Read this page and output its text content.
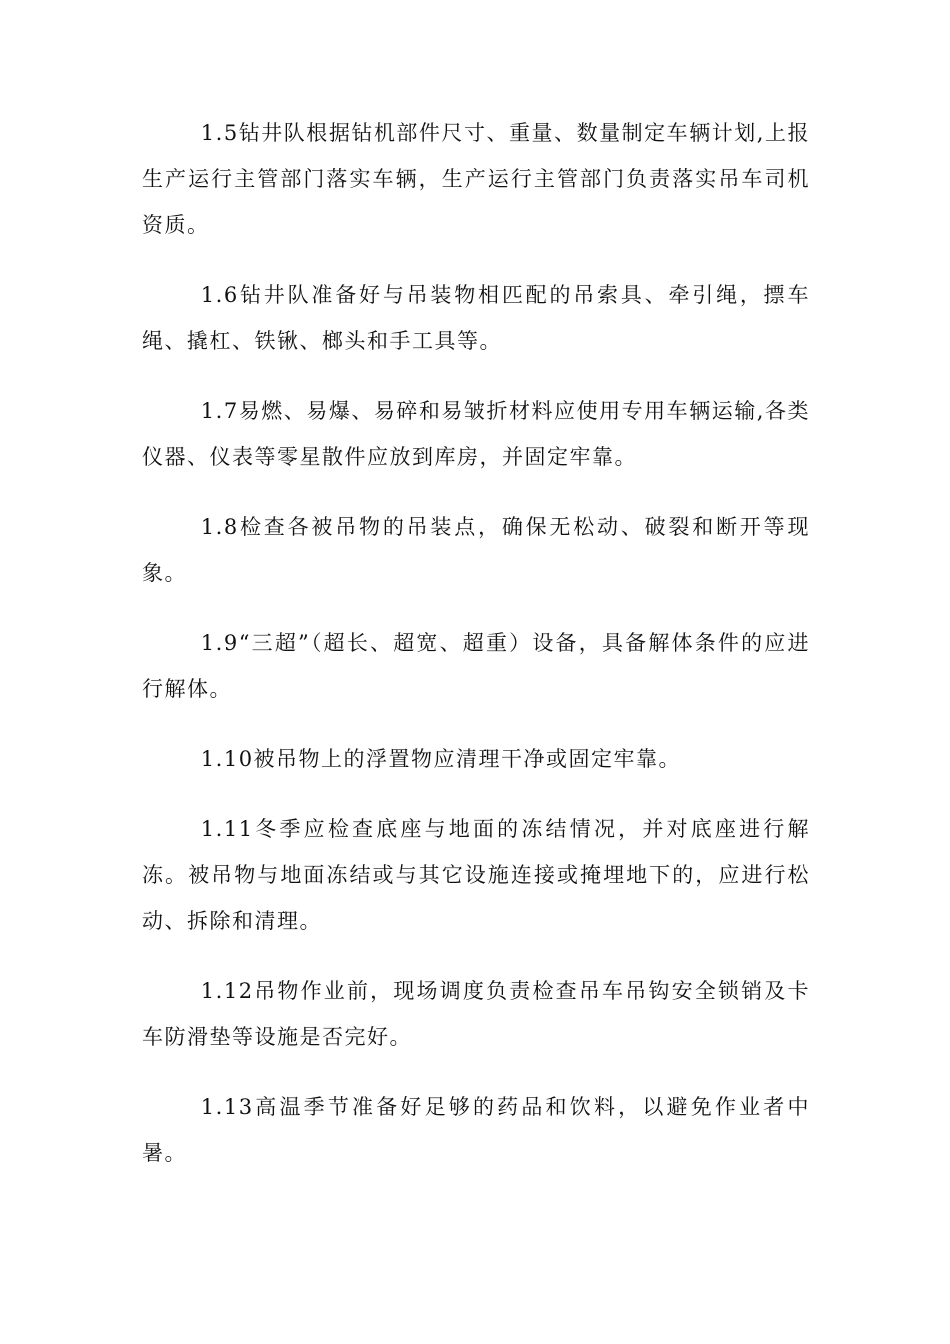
1.5钻井队根据钻机部件尺寸、重量、数量制定车辆计划,上报生产运行主管部门落实车辆，生产运行主管部门负责落实吊车司机资质。

1.6钻井队准备好与吊装物相匹配的吊索具、牵引绳，摽车绳、撬杠、铁锹、榔头和手工具等。

1.7易燃、易爆、易碎和易皱折材料应使用专用车辆运输,各类仪器、仪表等零星散件应放到库房，并固定牢靠。

1.8检查各被吊物的吊装点，确保无松动、破裂和断开等现象。

1.9“三超”（超长、超宽、超重）设备，具备解体条件的应进行解体。

1.10被吊物上的浮置物应清理干净或固定牢靠。

1.11冬季应检查底座与地面的冻结情况，并对底座进行解冻。被吊物与地面冻结或与其它设施连接或掩埋地下的，应进行松动、拆除和清理。

1.12吊物作业前，现场调度负责检查吊车吊钩安全锁销及卡车防滑垫等设施是否完好。

1.13高温季节准备好足够的药品和饮料，以避免作业者中暑。
